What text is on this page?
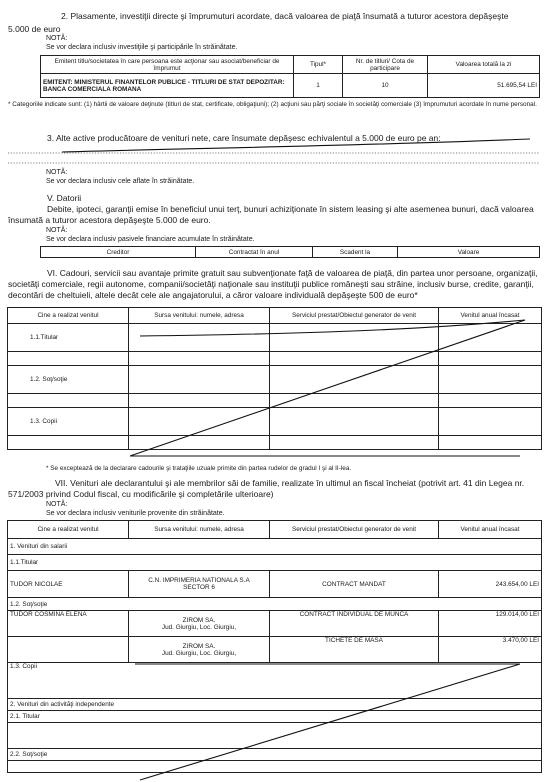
2. Plasamente, investiţii directe şi împrumuturi acordate, dacă valoarea de piaţă însumată a tuturor acestora depăşeşte
5.000 de euro
NOTĂ:
Se vor declara inclusiv investiţiile şi participările în străinătate.
Emitent titlu/societatea în care persoana este acţionar sau asociat/beneficiar de împrumut	Tipul*	Nr. de titluri/ Cota de participare	Valoarea totală la zi
EMITENT: MINISTERUL FINANTELOR PUBLICE - TITLURI DE STAT DEPOZITAR: BANCA COMERCIALA ROMANA	1	10	51.695,54 LEI
* Categoriile indicate sunt: (1) hârtii de valoare deţinute (titluri de stat, certificate, obligaţiuni); (2) acţiuni sau părţi sociale în societăţi comerciale (3) împrumuturi acordate în nume personal.
3. Alte active producătoare de venituri nete, care însumate depăşesc echivalentul a 5.000 de euro pe an:
NOTĂ:
Se vor declara inclusiv cele aflate în străinătate.
V. Datorii
Debite, ipoteci, garanţii emise în beneficiul unui terţ, bunuri achiziţionate în sistem leasing şi alte asemenea bunuri, dacă valoarea însumată a tuturor acestora depăşeşte 5.000 de euro.
NOTĂ:
Se vor declara inclusiv pasivele financiare acumulate în străinătate.
Creditor	Contractat în anul	Scadent la	Valoare
VI. Cadouri, servicii sau avantaje primite gratuit sau subvenţionate faţă de valoarea de piaţă, din partea unor persoane, organizaţii, societăţi comerciale, regii autonome, companii/societăţi naţionale sau instituţii publice româneşti sau străine, inclusiv burse, credite, garanţii, decontări de cheltuieli, altele decât cele ale angajatorului, a căror valoare individuală depăşeşte 500 de euro*
Cine a realizat venitul	Sursa venitului: numele, adresa	Serviciul prestat/Obiectul generator de venit	Venitul anual încasat
1.1.Titular			

1.2. Soţ/soţie			

1.3. Copii			

* Se exceptează de la declarare cadourile şi trataţiile uzuale primite din partea rudelor de gradul I şi al II-lea.
VII. Venituri ale declarantului şi ale membrilor săi de familie, realizate în ultimul an fiscal încheiat (potrivit art. 41 din Legea nr. 571/2003 privind Codul fiscal, cu modificările şi completările ulterioare)
NOTĂ:
Se vor declara inclusiv veniturile provenite din străinătate.
Cine a realizat venitul	Sursa venitului: numele, adresa	Serviciul prestat/Obiectul generator de venit	Venitul anual încasat
1. Venituri din salarii			
1.1.Titular			
TUDOR NICOLAE	C.N. IMPRIMERIA NATIONALA S.A
SECTOR 6	CONTRACT MANDAT	243.654,00 LEI
1.2. Soţ/soţie			
TUDOR COSMINA ELENA	ZIROM SA.
Jud. Giurgiu, Loc. Giurgiu,	CONTRACT INDIVIDUAL DE MUNCA	129.014,00 LEI

	ZIROM SA.
Jud. Giurgiu, Loc. Giurgiu,	TICHETE DE MASA	3.470,00 LEI
1.3. Copii			
2. Venituri din activităţi independente			
2.1. Titular			

2.2. Soţ/soţie			
